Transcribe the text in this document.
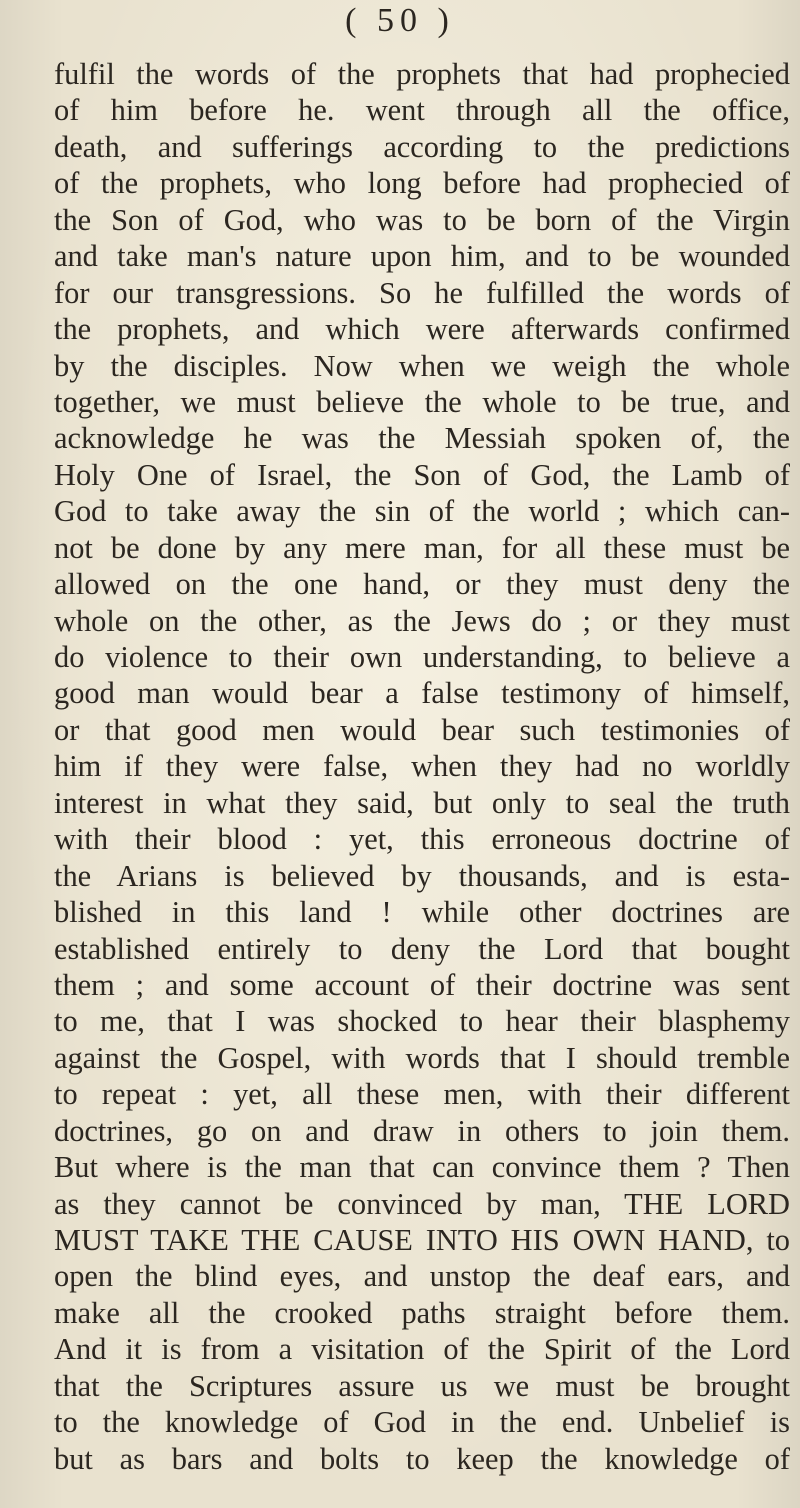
( 50 )
fulfil the words of the prophets that had prophecied
of him before he. went through all the office,
death, and sufferings according to the predictions
of the prophets, who long before had prophecied of
the Son of God, who was to be born of the Virgin
and take man's nature upon him, and to be wounded
for our transgressions. So he fulfilled the words of
the prophets, and which were afterwards confirmed
by the disciples. Now when we weigh the whole
together, we must believe the whole to be true, and
acknowledge he was the Messiah spoken of, the
Holy One of Israel, the Son of God, the Lamb of
God to take away the sin of the world ; which can-
not be done by any mere man, for all these must be
allowed on the one hand, or they must deny the
whole on the other, as the Jews do ; or they must
do violence to their own understanding, to believe a
good man would bear a false testimony of himself,
or that good men would bear such testimonies of
him if they were false, when they had no worldly
interest in what they said, but only to seal the truth
with their blood : yet, this erroneous doctrine of
the Arians is believed by thousands, and is esta-
blished in this land ! while other doctrines are
established entirely to deny the Lord that bought
them ; and some account of their doctrine was sent
to me, that I was shocked to hear their blasphemy
against the Gospel, with words that I should tremble
to repeat : yet, all these men, with their different
doctrines, go on and draw in others to join them.
But where is the man that can convince them ? Then
as they cannot be convinced by man, THE LORD
MUST TAKE THE CAUSE INTO HIS OWN HAND, to
open the blind eyes, and unstop the deaf ears, and
make all the crooked paths straight before them.
And it is from a visitation of the Spirit of the Lord
that the Scriptures assure us we must be brought
to the knowledge of God in the end. Unbelief is
but as bars and bolts to keep the knowledge of
